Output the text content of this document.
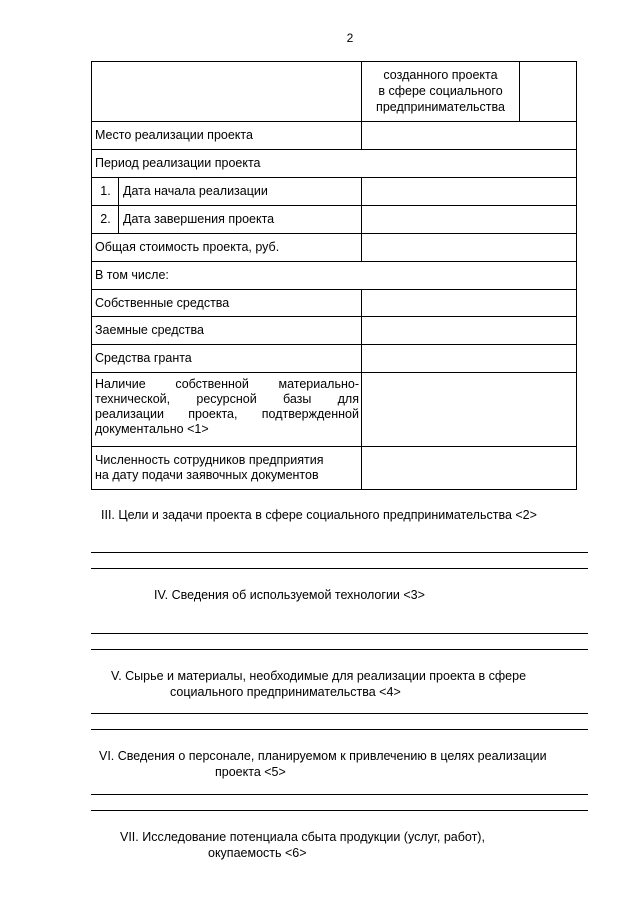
2
созданного проекта
в сфере социального
предпринимательства
Место реализации проекта
Период реализации проекта
1. Дата начала реализации
2. Дата завершения проекта
Общая стоимость проекта, руб.
В том числе:
Собственные средства
Заемные средства
Средства гранта
Наличие собственной материально-
технической, ресурсной базы для
реализации проекта, подтвержденной
документально <1>
Численность сотрудников предприятия
на дату подачи заявочных документов
III. Цели и задачи проекта в сфере социального предпринимательства <2>
IV. Сведения об используемой технологии <3>
V. Сырье и материалы, необходимые для реализации проекта в сфере
социального предпринимательства <4>
VI. Сведения о персонале, планируемом к привлечению в целях реализации
проекта <5>
VII. Исследование потенциала сбыта продукции (услуг, работ),
окупаемость <6>
